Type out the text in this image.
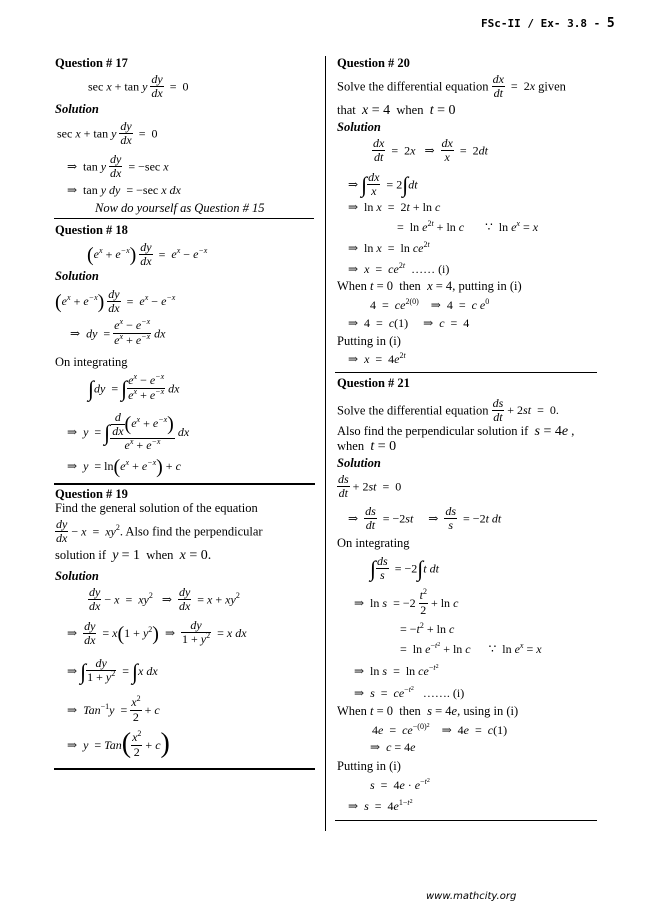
FSc-II / Ex- 3.8 - 5
Question # 17
sec x + tan y $\frac{dy}{dx} = 0$
Solution
sec x + tan y $\frac{dy}{dx} = 0$
⇒  tan y $\frac{dy}{dx} = -\sec$ x
⇒  tan y dy  = −sec x dx
Now do yourself as Question # 15
Question # 18
$(e^x + e^{-x}) \frac{dy}{dx} = e^x - e^{-x}$
Solution
$(e^x + e^{-x}) \frac{dy}{dx} = e^x - e^{-x}$
⇒  dy  = $\frac{e^x - e^{-x}}{e^x + e^{-x}}$ dx
On integrating
∫dy  = ∫ $\frac{e^x - e^{-x}}{e^x + e^{-x}}$ dx
⇒  y  = ∫ $\frac{\frac{d}{dx} (e^x + e^{-x})}{e^x + e^{-x}}$ dx
⇒  $y = \ln(e^x + e^{-x}) + c$
Question # 19
Find the general solution of the equation
$\frac{dy}{dx} - x = xy^2$. Also find the perpendicular
solution if y = 1 when x = 0.
Solution
$\frac{dy}{dx} - x = xy^2$   ⇒ $\frac{dy}{dx} = x + xy^2$
⇒ $\frac{dy}{dx} = x(1 + y^2)$  ⇒ $\frac{dy}{1 + y^2} = x$ dx
⇒ ∫ $\frac{dy}{1 + y^2} = \int x$ dx
⇒  $Tan^{-1}y = \frac{x^2}{2} + c$
⇒  $y = Tan( \frac{x^2}{2} + c)$
Question # 20
Solve the differential equation $\frac{dx}{dt} = 2x$ given
that x = 4 when t = 0
Solution
$\frac{dx}{dt} = 2x$   ⇒ $\frac{dx}{x} = 2dt$
⇒ ∫ $\frac{dx}{x} = 2\int dt$
⇒  ln x  =  2t + ln c
=  $\ln e^{2t} + \ln c$       ∵  $\ln e^x = x$
⇒  $\ln x = \ln ce^{2t}$
⇒  $x = ce^{2t}$ …… (i)
When t = 0  then x = 4, putting in (i)
$4 = ce^{2(0)}$    ⇒  4  =  c $e^0$
⇒  4  =  c(1)     ⇒  c  =  4
Putting in (i)
⇒  $x = 4e^{2t}$
Question # 21
Solve the differential equation $\frac{ds}{dt} + 2st = 0$.
Also find the perpendicular solution if s = 4e ,
when t = 0
Solution
$\frac{ds}{dt} + 2st = 0$
⇒ $\frac{ds}{dt} = -2st$     ⇒ $\frac{ds}{s} = -2t$ dt
On integrating
∫ $\frac{ds}{s} = -2\int t$ dt
⇒  $\ln s = -2 \frac{t^2}{2} + \ln c$
= $-t^2 + \ln c$
=  $\ln e^{-t^2} + \ln c$      ∵  $\ln e^x = x$
⇒  $\ln s = \ln ce^{-t^2}$
⇒  $s = ce^{-t^2}$ ……. (i)
When t = 0  then s = 4e, using in (i)
$4e = ce^{-(0)^2}$    ⇒  4e  =  c(1)
⇒  c = 4e
Putting in (i)
$s = 4e \cdot e^{-t^2}$
⇒  $s = 4e^{1-t^2}$
www.mathcity.org
